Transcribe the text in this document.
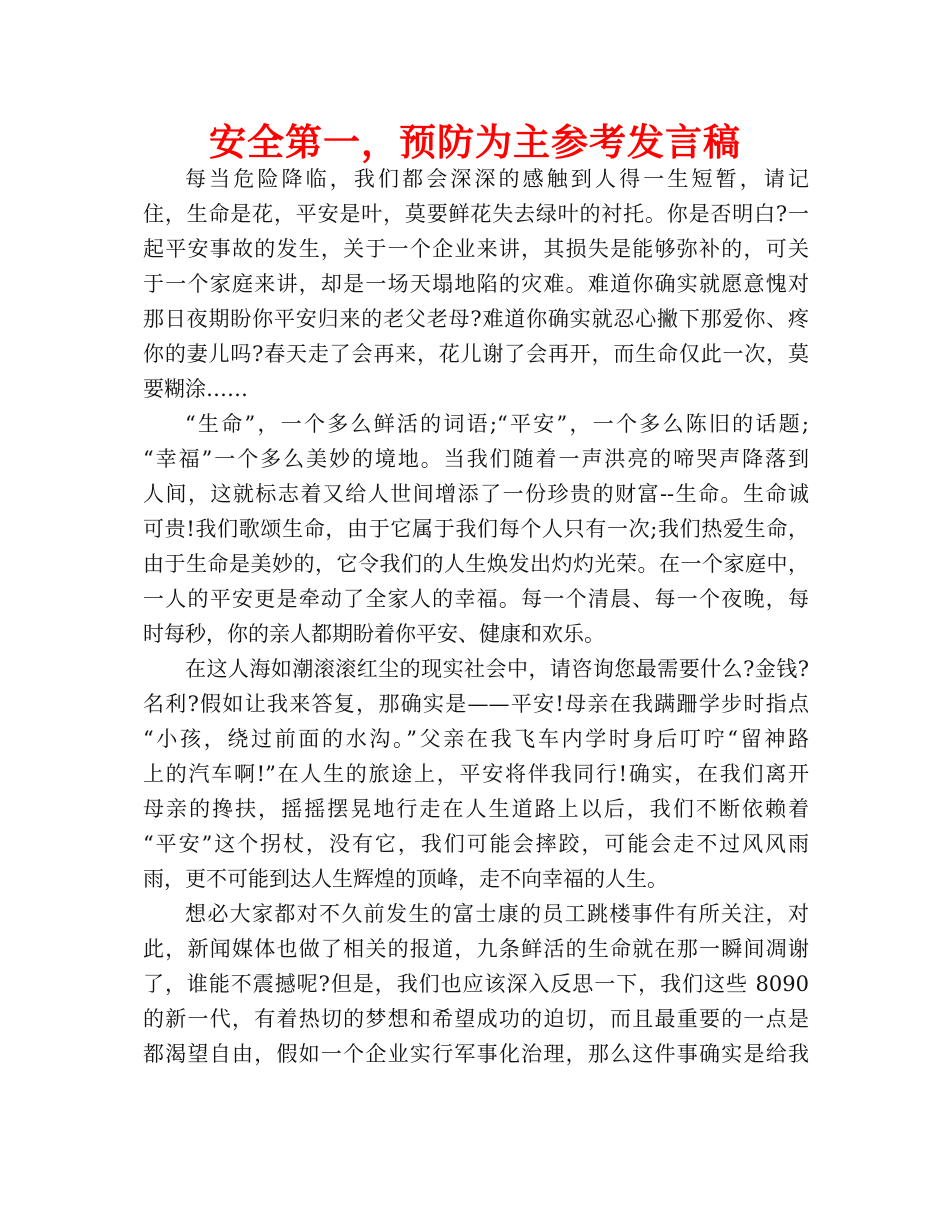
安全第一，预防为主参考发言稿

每当危险降临，我们都会深深的感触到人得一生短暂，请记
住，生命是花，平安是叶，莫要鲜花失去绿叶的衬托。你是否明白?一
起平安事故的发生，关于一个企业来讲，其损失是能够弥补的，可关
于一个家庭来讲，却是一场天塌地陷的灾难。难道你确实就愿意愧对
那日夜期盼你平安归来的老父老母?难道你确实就忍心撇下那爱你、疼
你的妻儿吗?春天走了会再来，花儿谢了会再开，而生命仅此一次，莫
要糊涂……

“生命”，一个多么鲜活的词语;“平安”，一个多么陈旧的话题;
“幸福”一个多么美妙的境地。当我们随着一声洪亮的啼哭声降落到
人间，这就标志着又给人世间增添了一份珍贵的财富--生命。生命诚
可贵!我们歌颂生命，由于它属于我们每个人只有一次;我们热爱生命，
由于生命是美妙的，它令我们的人生焕发出灼灼光荣。在一个家庭中，
一人的平安更是牵动了全家人的幸福。每一个清晨、每一个夜晚，每
时每秒，你的亲人都期盼着你平安、健康和欢乐。

在这人海如潮滚滚红尘的现实社会中，请咨询您最需要什么?金钱?
名利?假如让我来答复，那确实是——平安!母亲在我蹒跚学步时指点
“小孩，绕过前面的水沟。”父亲在我飞车内学时身后叮咛“留神路
上的汽车啊!”在人生的旅途上，平安将伴我同行!确实，在我们离开
母亲的搀扶，摇摇摆晃地行走在人生道路上以后，我们不断依赖着
“平安”这个拐杖，没有它，我们可能会摔跤，可能会走不过风风雨
雨，更不可能到达人生辉煌的顶峰，走不向幸福的人生。

想必大家都对不久前发生的富士康的员工跳楼事件有所关注，对
此，新闻媒体也做了相关的报道，九条鲜活的生命就在那一瞬间凋谢
了，谁能不震撼呢?但是，我们也应该深入反思一下，我们这些 8090
的新一代，有着热切的梦想和希望成功的迫切，而且最重要的一点是
都渴望自由，假如一个企业实行军事化治理，那么这件事确实是给我
